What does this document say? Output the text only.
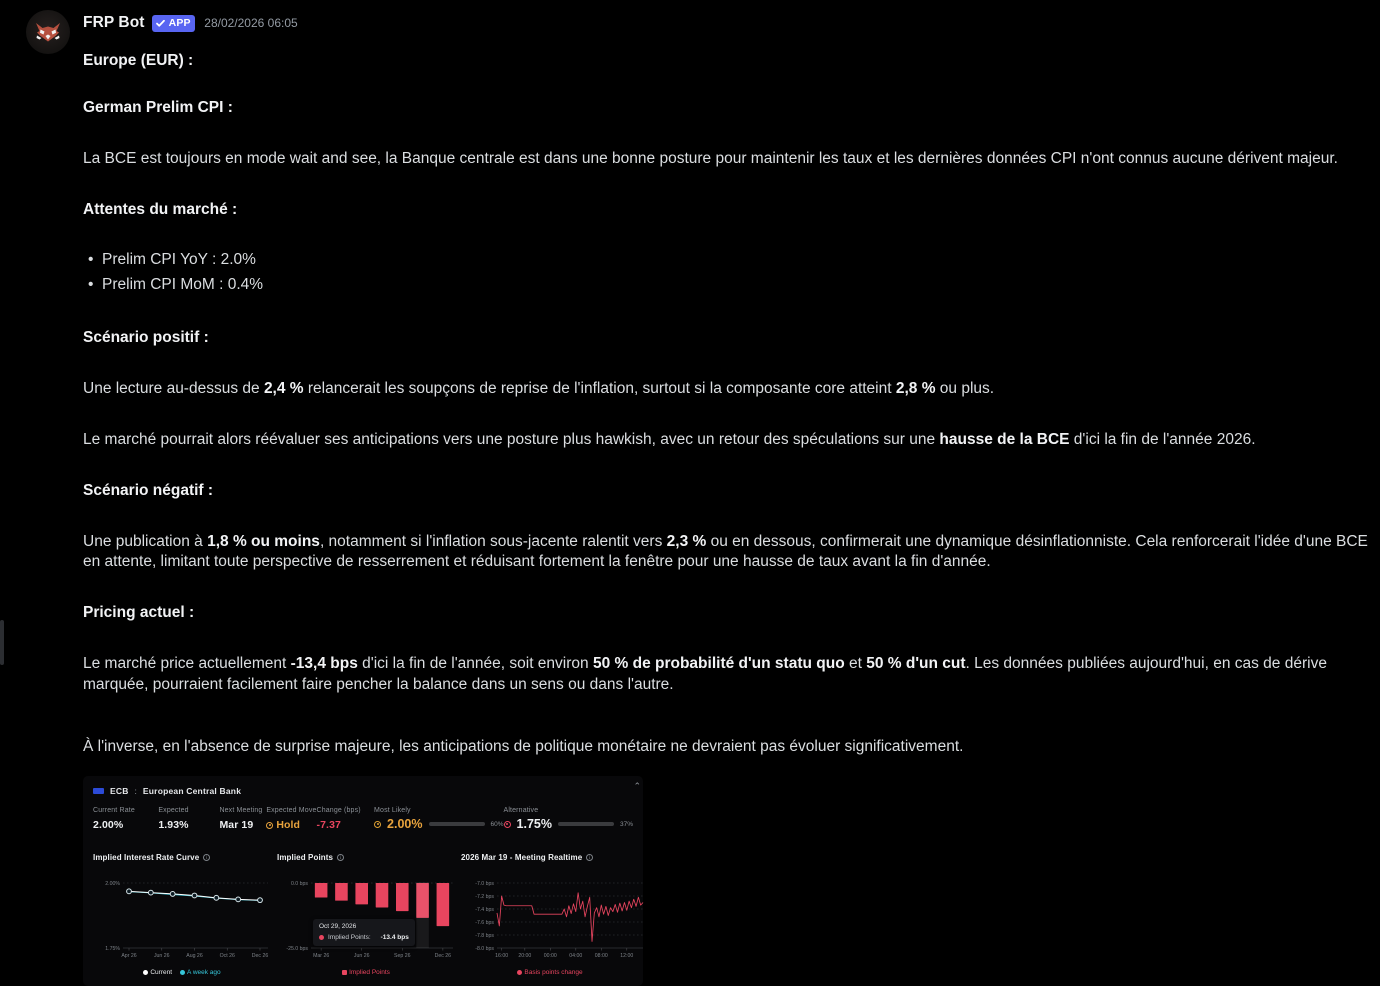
FRP Bot APP 28/02/2026 06:05

Europe (EUR) :

German Prelim CPI :

La BCE est toujours en mode wait and see, la Banque centrale est dans une bonne posture pour maintenir les taux et les dernières données CPI n'ont connus aucune dérivent majeur.

Attentes du marché :

• Prelim CPI YoY : 2.0%
• Prelim CPI MoM : 0.4%

Scénario positif :

Une lecture au-dessus de 2,4 % relancerait les soupçons de reprise de l'inflation, surtout si la composante core atteint 2,8 % ou plus.

Le marché pourrait alors réévaluer ses anticipations vers une posture plus hawkish, avec un retour des spéculations sur une hausse de la BCE d'ici la fin de l'année 2026.

Scénario négatif :

Une publication à 1,8 % ou moins, notamment si l'inflation sous-jacente ralentit vers 2,3 % ou en dessous, confirmerait une dynamique désinflationniste. Cela renforcerait l'idée d'une BCE en attente, limitant toute perspective de resserrement et réduisant fortement la fenêtre pour une hausse de taux avant la fin d'année.

Pricing actuel :

Le marché price actuellement -13,4 bps d'ici la fin de l'année, soit environ 50 % de probabilité d'un statu quo et 50 % d'un cut. Les données publiées aujourd'hui, en cas de dérive marquée, pourraient facilement faire pencher la balance dans un sens ou dans l'autre.

À l'inverse, en l'absence de surprise majeure, les anticipations de politique monétaire ne devraient pas évoluer significativement.

ECB : European Central Bank	⌃
Current Rate
2.00%
Expected
1.93%
Next Meeting
Mar 19
Expected Move
Hold
Change (bps)
-7.37
Most Likely
2.00%	60%
Alternative
1.75%	37%
Implied Interest Rate Curve	i
2.00%
1.75%
Apr 26	Jun 26	Aug 26	Oct 26	Dec 26
Current A week ago
Implied Points	i
0.0 bps
-25.0 bps
Mar 26	Jun 26	Sep 26	Dec 26
Oct 29, 2026
Implied Points: -13.4 bps
Implied Points
2026 Mar 19 - Meeting Realtime	i
-7.0 bps
-7.2 bps
-7.4 bps
-7.6 bps
-7.8 bps
-8.0 bps
16:00 20:00 00:00 04:00 08:00 12:00
Basis points change
